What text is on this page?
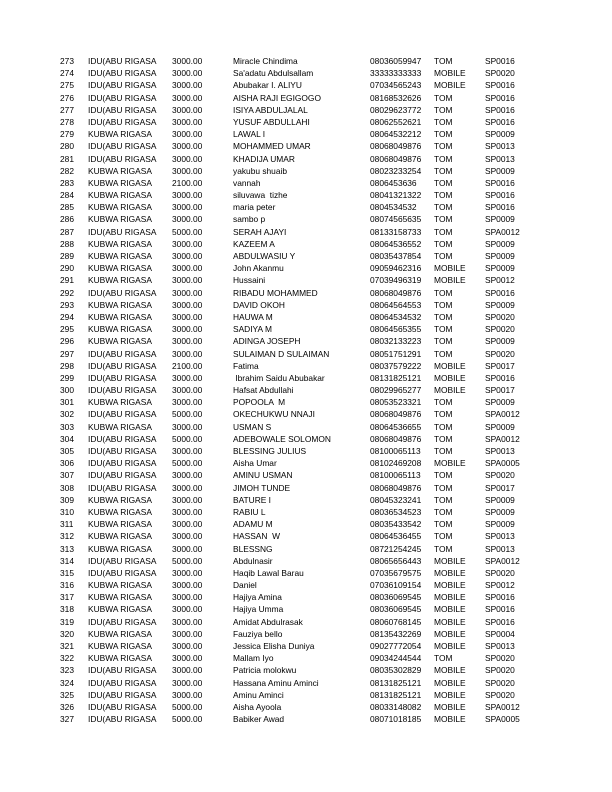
273	IDU(ABU RIGASA	3000.00	Miracle Chindima	08036059947	TOM	SP0016
274	IDU(ABU RIGASA	3000.00	Sa'adatu Abdulsallam	33333333333	MOBILE	SP0020
275	IDU(ABU RIGASA	3000.00	Abubakar I. ALIYU	07034565243	MOBILE	SP0016
276	IDU(ABU RIGASA	3000.00	AISHA RAJI EGIGOGO	08168532626	TOM	SP0016
277	IDU(ABU RIGASA	3000.00	ISIYA ABDULJALAL	08029623772	TOM	SP0016
278	IDU(ABU RIGASA	3000.00	YUSUF ABDULLAHI	08062552621	TOM	SP0016
279	KUBWA RIGASA	3000.00	LAWAL I	08064532212	TOM	SP0009
280	IDU(ABU RIGASA	3000.00	MOHAMMED UMAR	08068049876	TOM	SP0013
281	IDU(ABU RIGASA	3000.00	KHADIJA UMAR	08068049876	TOM	SP0013
282	KUBWA RIGASA	3000.00	yakubu shuaib	08023233254	TOM	SP0009
283	KUBWA RIGASA	2100.00	vannah	0806453636	TOM	SP0016
284	KUBWA RIGASA	3000.00	siluvawa  tizhe	08041321322	TOM	SP0016
285	KUBWA RIGASA	3000.00	maria peter	0804534532	TOM	SP0016
286	KUBWA RIGASA	3000.00	sambo p	08074565635	TOM	SP0009
287	IDU(ABU RIGASA	5000.00	SERAH AJAYI	08133158733	TOM	SPA0012
288	KUBWA RIGASA	3000.00	KAZEEM A	08064536552	TOM	SP0009
289	KUBWA RIGASA	3000.00	ABDULWASIU Y	08035437854	TOM	SP0009
290	KUBWA RIGASA	3000.00	John Akanmu	09059462316	MOBILE	SP0009
291	KUBWA RIGASA	3000.00	Hussaini	07039496319	MOBILE	SP0012
292	IDU(ABU RIGASA	3000.00	RIBADU MOHAMMED	08068049876	TOM	SP0016
293	KUBWA RIGASA	3000.00	DAVID OKOH	08064564553	TOM	SP0009
294	KUBWA RIGASA	3000.00	HAUWA M	08064534532	TOM	SP0020
295	KUBWA RIGASA	3000.00	SADIYA M	08064565355	TOM	SP0020
296	KUBWA RIGASA	3000.00	ADINGA JOSEPH	08032133223	TOM	SP0009
297	IDU(ABU RIGASA	3000.00	SULAIMAN D SULAIMAN	08051751291	TOM	SP0020
298	IDU(ABU RIGASA	2100.00	Fatima	08037579222	MOBILE	SP0017
299	IDU(ABU RIGASA	3000.00	Ibrahim Saidu Abubakar	08131825121	MOBILE	SP0016
300	IDU(ABU RIGASA	3000.00	Hafsat Abdullahi	08029965277	MOBILE	SP0017
301	KUBWA RIGASA	3000.00	POPOOLA  M	08053523321	TOM	SP0009
302	IDU(ABU RIGASA	5000.00	OKECHUKWU NNAJI	08068049876	TOM	SPA0012
303	KUBWA RIGASA	3000.00	USMAN S	08064536655	TOM	SP0009
304	IDU(ABU RIGASA	5000.00	ADEBOWALE SOLOMON	08068049876	TOM	SPA0012
305	IDU(ABU RIGASA	3000.00	BLESSING JULIUS	08100065113	TOM	SP0013
306	IDU(ABU RIGASA	5000.00	Aisha Umar	08102469208	MOBILE	SPA0005
307	IDU(ABU RIGASA	3000.00	AMINU USMAN	08100065113	TOM	SP0020
308	IDU(ABU RIGASA	3000.00	JIMOH TUNDE	08068049876	TOM	SP0017
309	KUBWA RIGASA	3000.00	BATURE I	08045323241	TOM	SP0009
310	KUBWA RIGASA	3000.00	RABIU L	08036534523	TOM	SP0009
311	KUBWA RIGASA	3000.00	ADAMU M	08035433542	TOM	SP0009
312	KUBWA RIGASA	3000.00	HASSAN  W	08064536455	TOM	SP0013
313	KUBWA RIGASA	3000.00	BLESSNG	08721254245	TOM	SP0013
314	IDU(ABU RIGASA	5000.00	Abdulnasir	08065656443	MOBILE	SPA0012
315	IDU(ABU RIGASA	3000.00	Haqib Lawal Barau	07035679575	MOBILE	SP0020
316	KUBWA RIGASA	3000.00	Daniel	07036109154	MOBILE	SP0012
317	KUBWA RIGASA	3000.00	Hajiya Amina	08036069545	MOBILE	SP0016
318	KUBWA RIGASA	3000.00	Hajiya Umma	08036069545	MOBILE	SP0016
319	IDU(ABU RIGASA	3000.00	Amidat Abdulrasak	08060768145	MOBILE	SP0016
320	KUBWA RIGASA	3000.00	Fauziya bello	08135432269	MOBILE	SP0004
321	KUBWA RIGASA	3000.00	Jessica Elisha Duniya	09027772054	MOBILE	SP0013
322	KUBWA RIGASA	3000.00	Mallam Iyo	09034244544	TOM	SP0020
323	IDU(ABU RIGASA	3000.00	Patricia molokwu	08035302829	MOBILE	SP0020
324	IDU(ABU RIGASA	3000.00	Hassana Aminu Aminci	08131825121	MOBILE	SP0020
325	IDU(ABU RIGASA	3000.00	Aminu Aminci	08131825121	MOBILE	SP0020
326	IDU(ABU RIGASA	5000.00	Aisha Ayoola	08033148082	MOBILE	SPA0012
327	IDU(ABU RIGASA	5000.00	Babiker Awad	08071018185	MOBILE	SPA0005
